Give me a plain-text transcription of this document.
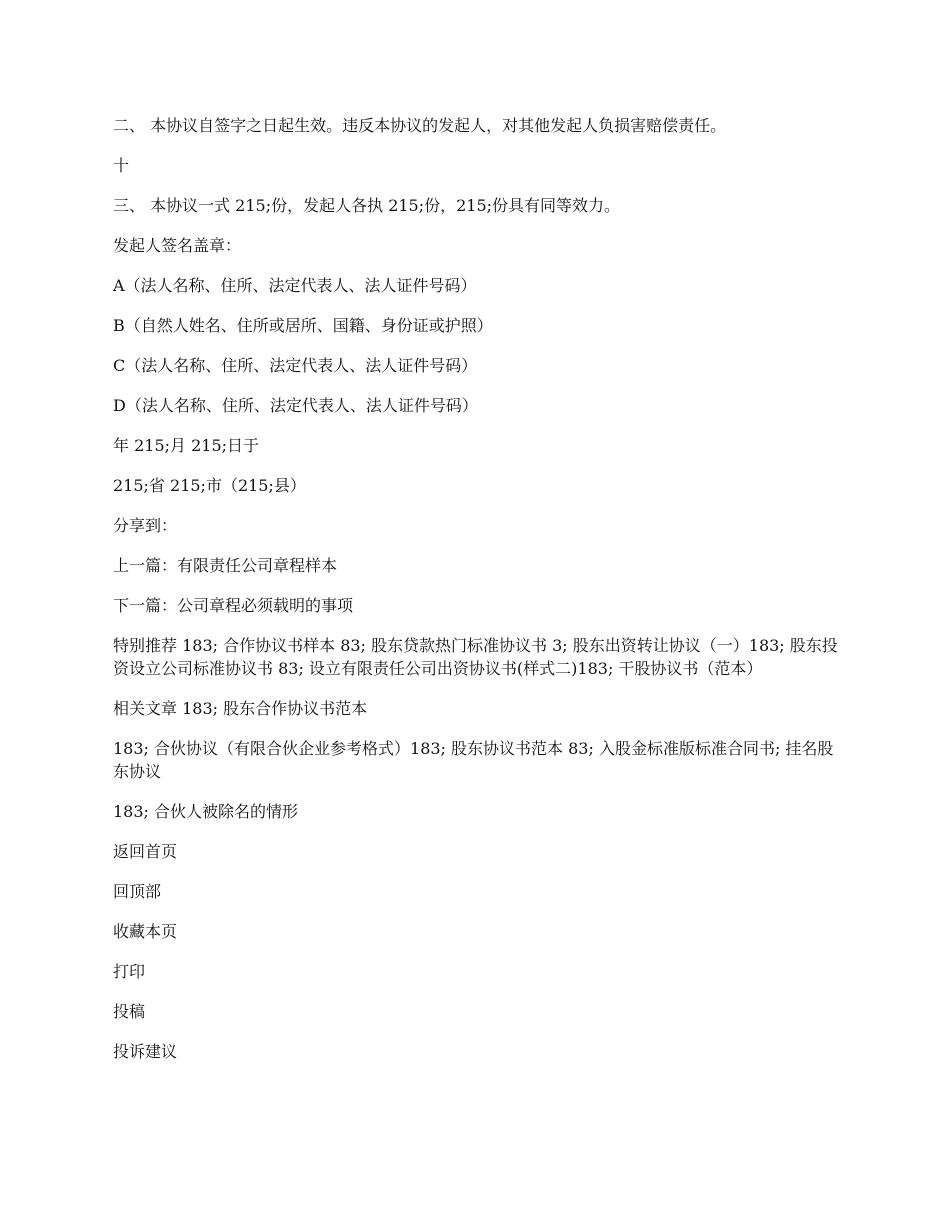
二、 本协议自签字之日起生效。违反本协议的发起人，对其他发起人负损害赔偿责任。

十

三、 本协议一式 215;份，发起人各执 215;份，215;份具有同等效力。

发起人签名盖章：

A（法人名称、住所、法定代表人、法人证件号码）

B（自然人姓名、住所或居所、国籍、身份证或护照）

C（法人名称、住所、法定代表人、法人证件号码）

D（法人名称、住所、法定代表人、法人证件号码）

年 215;月 215;日于

215;省 215;市（215;县）

分享到：

上一篇：有限责任公司章程样本

下一篇：公司章程必须载明的事项

特别推荐 183; 合作协议书样本 83; 股东贷款热门标准协议书 3; 股东出资转让协议（一）183; 股东投资设立公司标准协议书 83; 设立有限责任公司出资协议书(样式二)183; 干股协议书（范本）

相关文章 183; 股东合作协议书范本

183; 合伙协议（有限合伙企业参考格式）183; 股东协议书范本 83; 入股金标准版标准合同书; 挂名股东协议

183; 合伙人被除名的情形

返回首页

回顶部

收藏本页

打印

投稿

投诉建议
